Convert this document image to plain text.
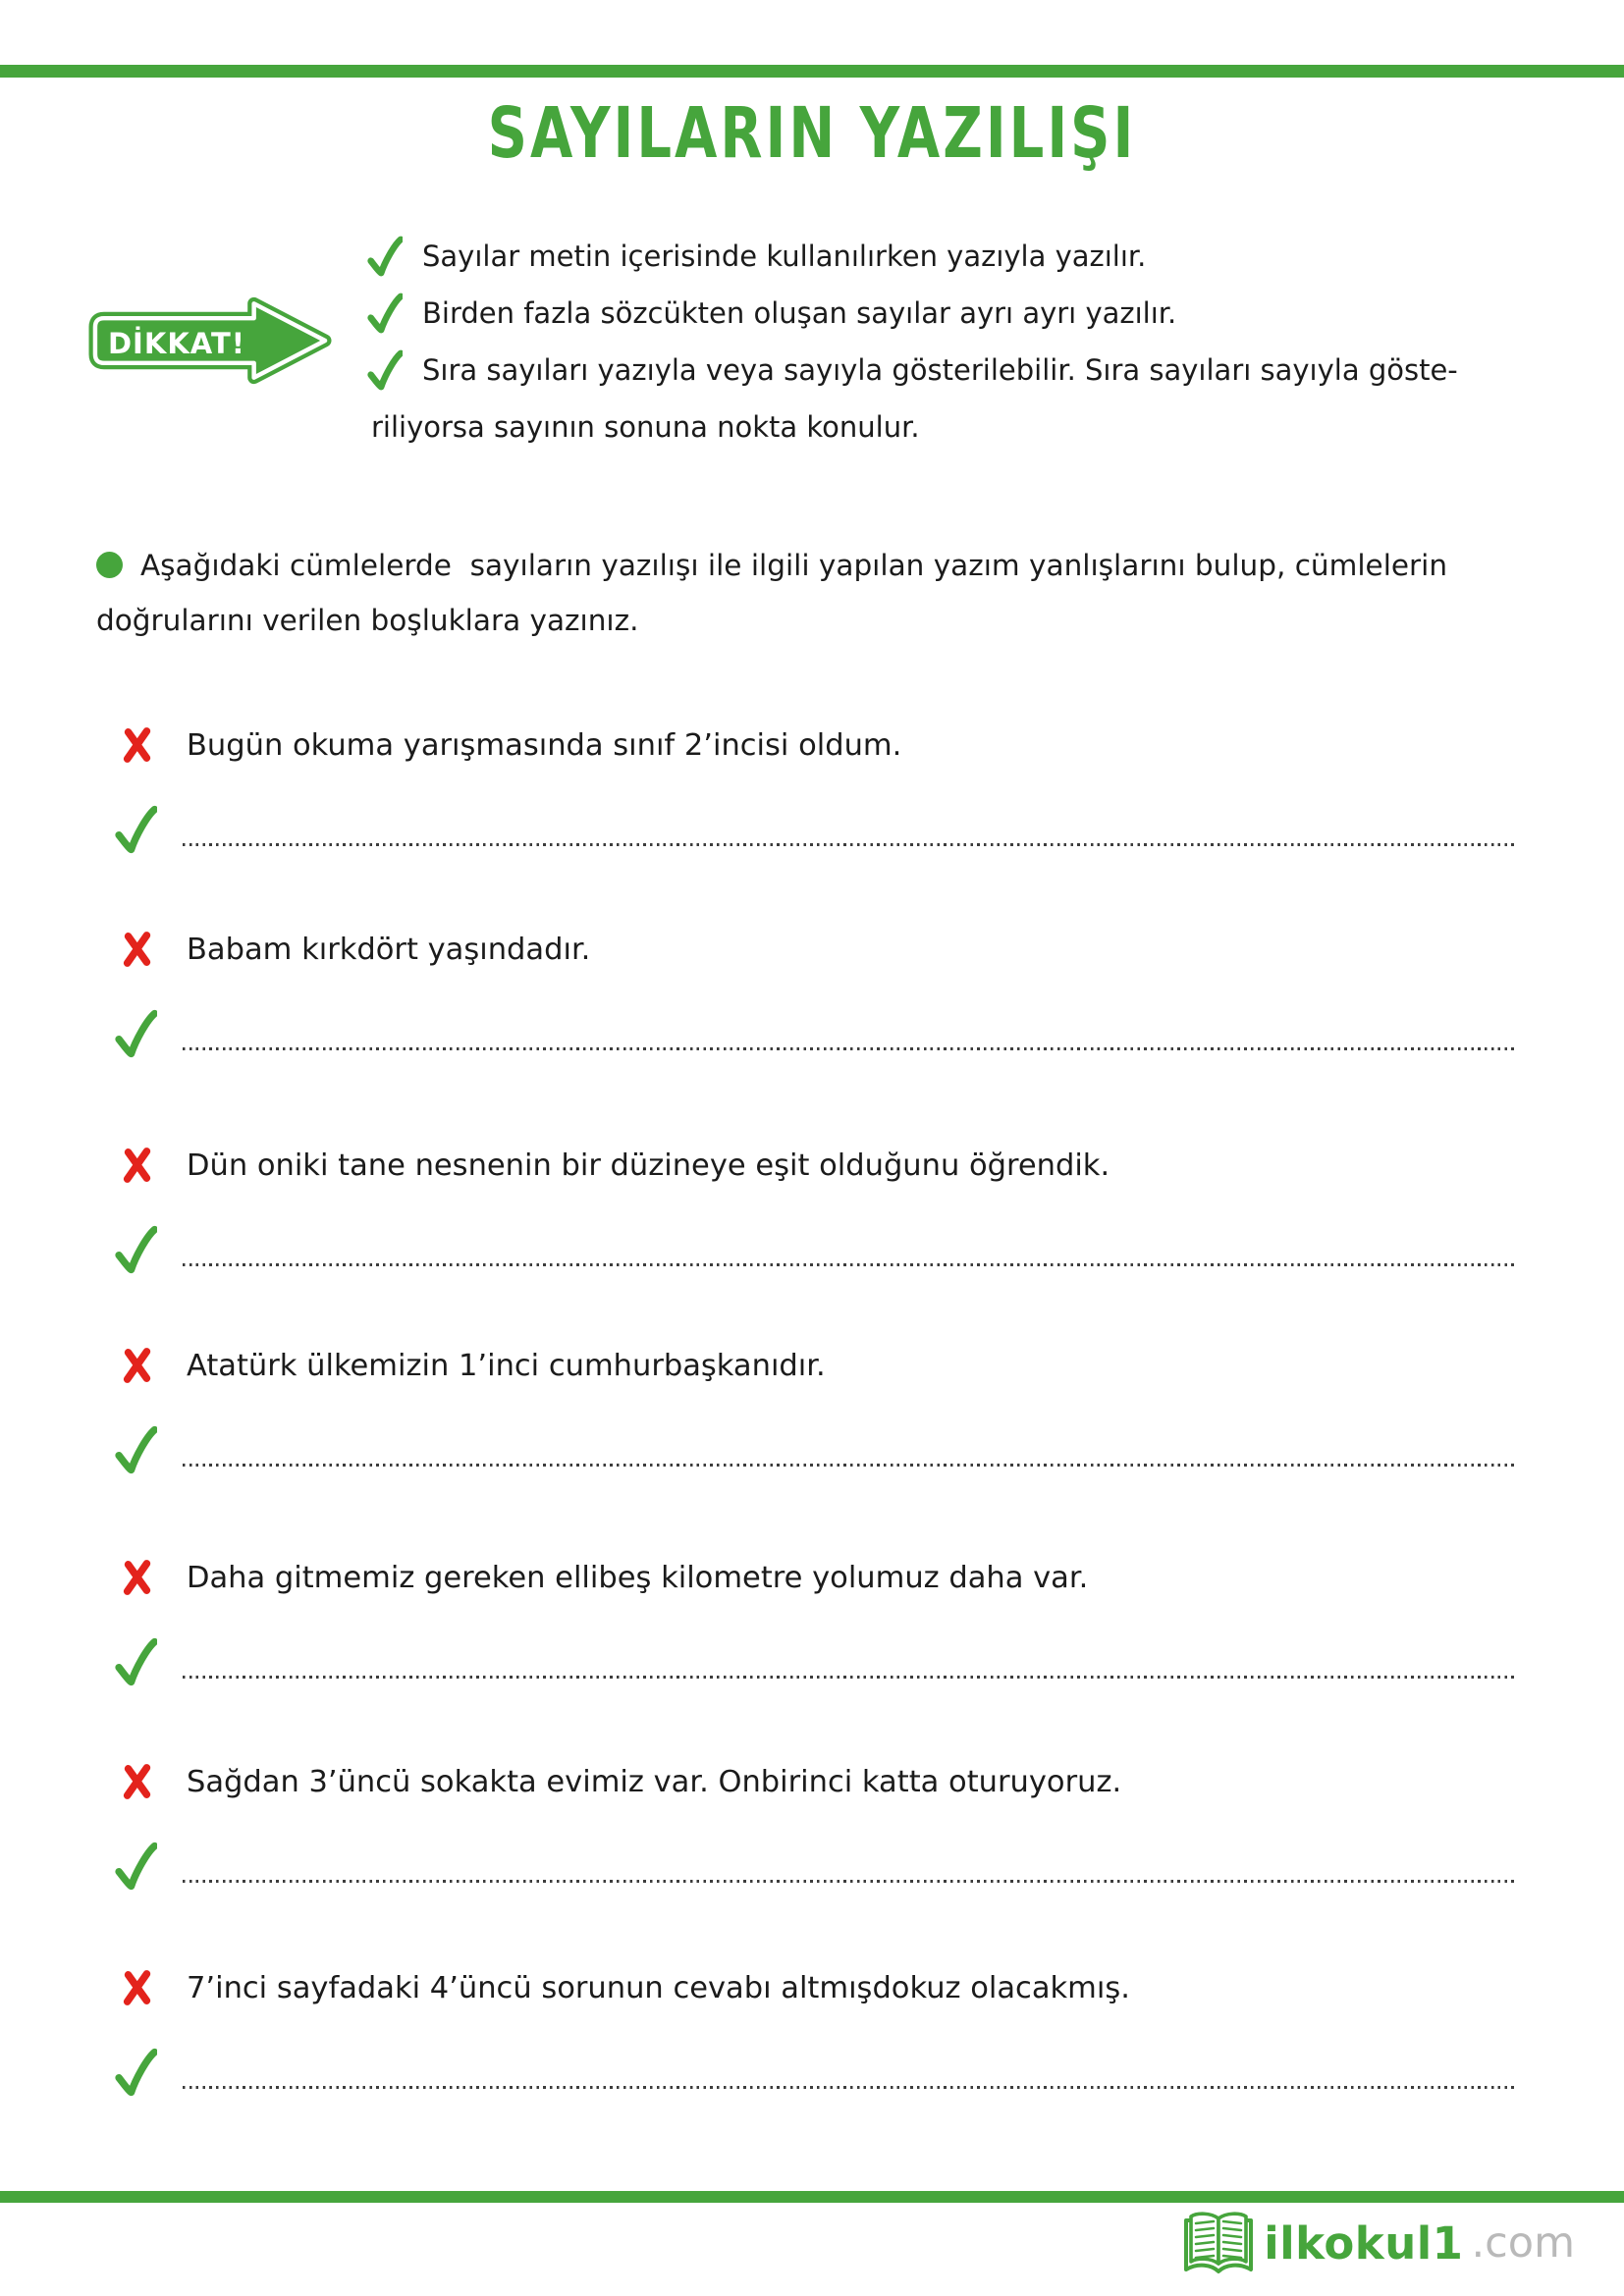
SAYILARIN YAZILIŞI
DİKKAT!
Sayılar metin içerisinde kullanılırken yazıyla yazılır.
Birden fazla sözcükten oluşan sayılar ayrı ayrı yazılır.
Sıra sayıları yazıyla veya sayıyla gösterilebilir. Sıra sayıları sayıyla göste-
riliyorsa sayının sonuna nokta konulur.
Aşağıdaki cümlelerde  sayıların yazılışı ile ilgili yapılan yazım yanlışlarını bulup, cümlelerin doğrularını verilen boşluklara yazınız.
Bugün okuma yarışmasında sınıf 2’incisi oldum.
Babam kırkdört yaşındadır.
Dün oniki tane nesnenin bir düzineye eşit olduğunu öğrendik.
Atatürk ülkemizin 1’inci cumhurbaşkanıdır.
Daha gitmemiz gereken ellibeş kilometre yolumuz daha var.
Sağdan 3’üncü sokakta evimiz var. Onbirinci katta oturuyoruz.
7’inci sayfadaki 4’üncü sorunun cevabı altmışdokuz olacakmış.
ilkokul1 .com
